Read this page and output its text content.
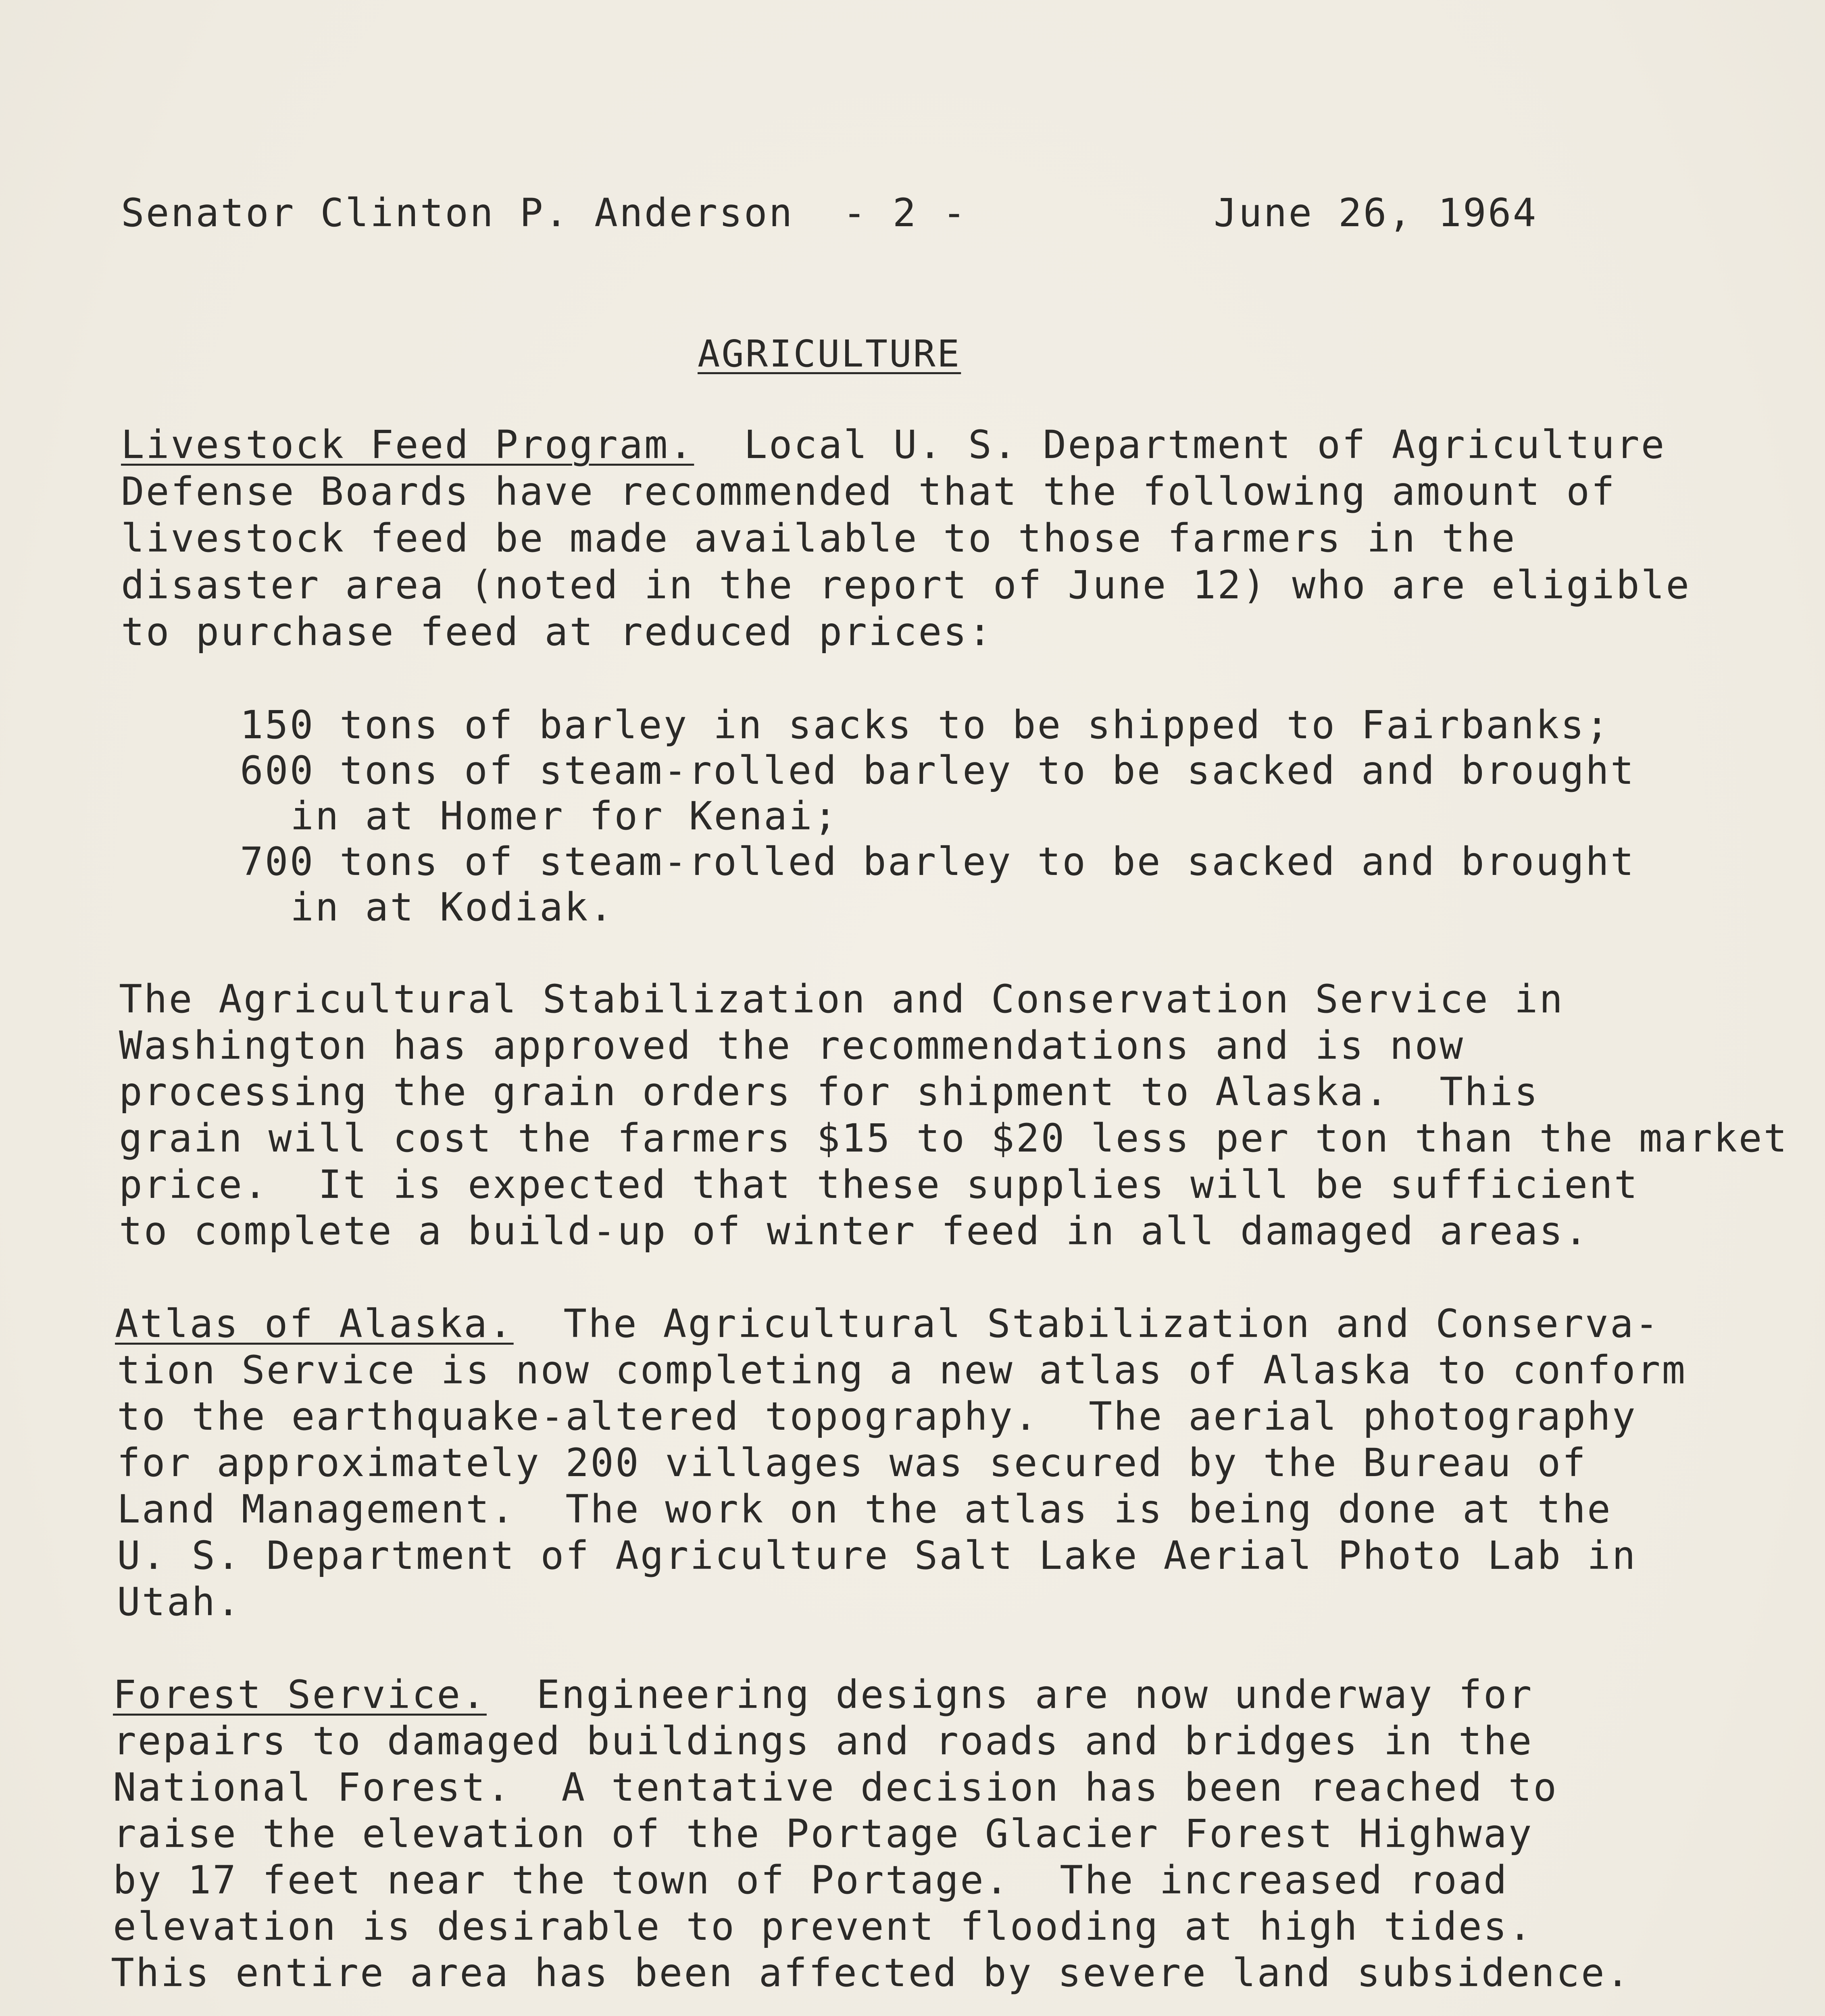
Senator Clinton P. Anderson - 2 -	June 26, 1964
AGRICULTURE
Livestock Feed Program. Local U. S. Department of Agriculture
Defense Boards have recommended that the following amount of
livestock feed be made available to those farmers in the
disaster area (noted in the report of June 12) who are eligible
to purchase feed at reduced prices:
150 tons of barley in sacks to be shipped to Fairbanks;
600 tons of steam-rolled barley to be sacked and brought
in at Homer for Kenai;
700 tons of steam-rolled barley to be sacked and brought
in at Kodiak.
The Agricultural Stabilization and Conservation Service in
Washington has approved the recommendations and is now
processing the grain orders for shipment to Alaska.  This
grain will cost the farmers $15 to $20 less per ton than the market
price.  It is expected that these supplies will be sufficient
to complete a build-up of winter feed in all damaged areas.
Atlas of Alaska. The Agricultural Stabilization and Conserva-
tion Service is now completing a new atlas of Alaska to conform
to the earthquake-altered topography.  The aerial photography
for approximately 200 villages was secured by the Bureau of
Land Management.  The work on the atlas is being done at the
U. S. Department of Agriculture Salt Lake Aerial Photo Lab in
Utah.
Forest Service. Engineering designs are now underway for
repairs to damaged buildings and roads and bridges in the
National Forest.  A tentative decision has been reached to
raise the elevation of the Portage Glacier Forest Highway
by 17 feet near the town of Portage.  The increased road
elevation is desirable to prevent flooding at high tides.
This entire area has been affected by severe land subsidence.
